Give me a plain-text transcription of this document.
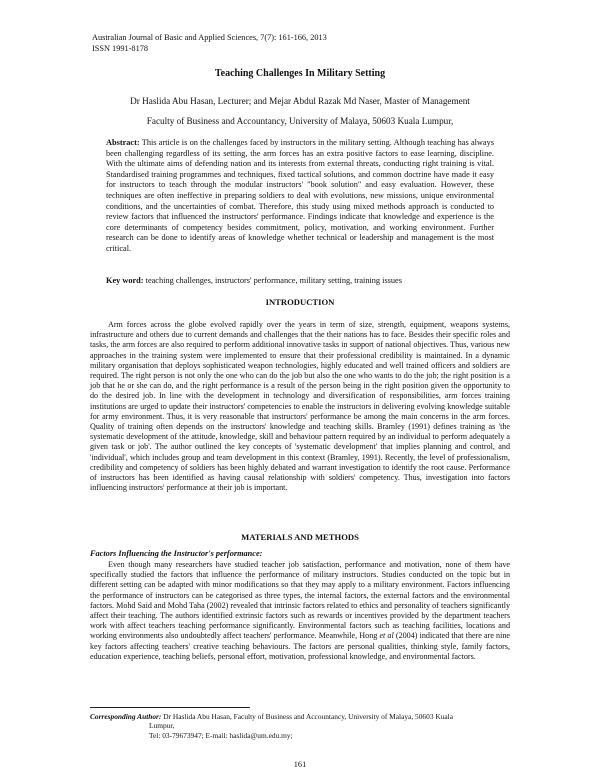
Australian Journal of Basic and Applied Sciences, 7(7): 161-166, 2013
ISSN 1991-8178
Teaching Challenges In Military Setting
Dr Haslida Abu Hasan, Lecturer; and Mejar Abdul Razak Md Naser, Master of Management
Faculty of Business and Accountancy, University of Malaya, 50603 Kuala Lumpur,
Abstract: This article is on the challenges faced by instructors in the military setting. Although teaching has always been challenging regardless of its setting, the arm forces has an extra positive factors to ease learning, discipline. With the ultimate aims of defending nation and its interests from external threats, conducting right training is vital. Standardised training programmes and techniques, fixed tactical solutions, and common doctrine have made it easy for instructors to teach through the modular instructors' "book solution" and easy evaluation. However, these techniques are often ineffective in preparing soldiers to deal with evolutions, new missions, unique environmental conditions, and the uncertainties of combat. Therefore, this study using mixed methods approach is conducted to review factors that influenced the instructors' performance. Findings indicate that knowledge and experience is the core determinants of competency besides commitment, policy, motivation, and working environment. Further research can be done to identify areas of knowledge whether technical or leadership and management is the most critical.
Key word: teaching challenges, instructors' performance, military setting, training issues
INTRODUCTION
Arm forces across the globe evolved rapidly over the years in term of size, strength, equipment, weapons systems, infrastructure and others due to current demands and challenges that the their nations has to face. Besides their specific roles and tasks, the arm forces are also required to perform additional innovative tasks in support of national objectives. Thus, various new approaches in the training system were implemented to ensure that their professional credibility is maintained. In a dynamic military organisation that deploys sophisticated weapon technologies, highly educated and well trained officers and soldiers are required. The right person is not only the one who can do the job but also the one who wants to do the job; the right position is a job that he or she can do, and the right performance is a result of the person being in the right position given the opportunity to do the desired job. In line with the development in technology and diversification of responsibilities, arm forces training institutions are urged to update their instructors' competencies to enable the instructors in delivering evolving knowledge suitable for army environment. Thus, it is very reasonable that instructors' performance be among the main concerns in the arm forces. Quality of training often depends on the instructors' knowledge and teaching skills. Bramley (1991) defines training as 'the systematic development of the attitude, knowledge, skill and behaviour pattern required by an individual to perform adequately a given task or job'. The author outlined the key concepts of 'systematic development' that implies planning and control, and 'individual', which includes group and team development in this context (Bramley, 1991). Recently, the level of professionalism, credibility and competency of soldiers has been highly debated and warrant investigation to identify the root cause. Performance of instructors has been identified as having causal relationship with soldiers' competency. Thus, investigation into factors influencing instructors' performance at their job is important.
MATERIALS AND METHODS
Factors Influencing the Instructor's performance:
Even though many researchers have studied teacher job satisfaction, performance and motivation, none of them have specifically studied the factors that influence the performance of military instructors. Studies conducted on the topic but in different setting can be adapted with minor modifications so that they may apply to a military environment. Factors influencing the performance of instructors can be categorised as three types, the internal factors, the external factors and the environmental factors. Mohd Said and Mohd Taha (2002) revealed that intrinsic factors related to ethics and personality of teachers significantly affect their teaching. The authors identified extrinsic factors such as rewards or incentives provided by the department teachers work with affect teachers teaching performance significantly. Environmental factors such as teaching facilities, locations and working environments also undoubtedly affect teachers' performance. Meanwhile, Hong et al (2004) indicated that there are nine key factors affecting teachers' creative teaching behaviours. The factors are personal qualities, thinking style, family factors, education experience, teaching beliefs, personal effort, motivation, professional knowledge, and environmental factors.
Corresponding Author: Dr Haslida Abu Hasan, Faculty of Business and Accountancy, University of Malaya, 50603 Kuala
Lumpur,
Tel: 03-79673947; E-mail: haslida@um.edu.my;
161
